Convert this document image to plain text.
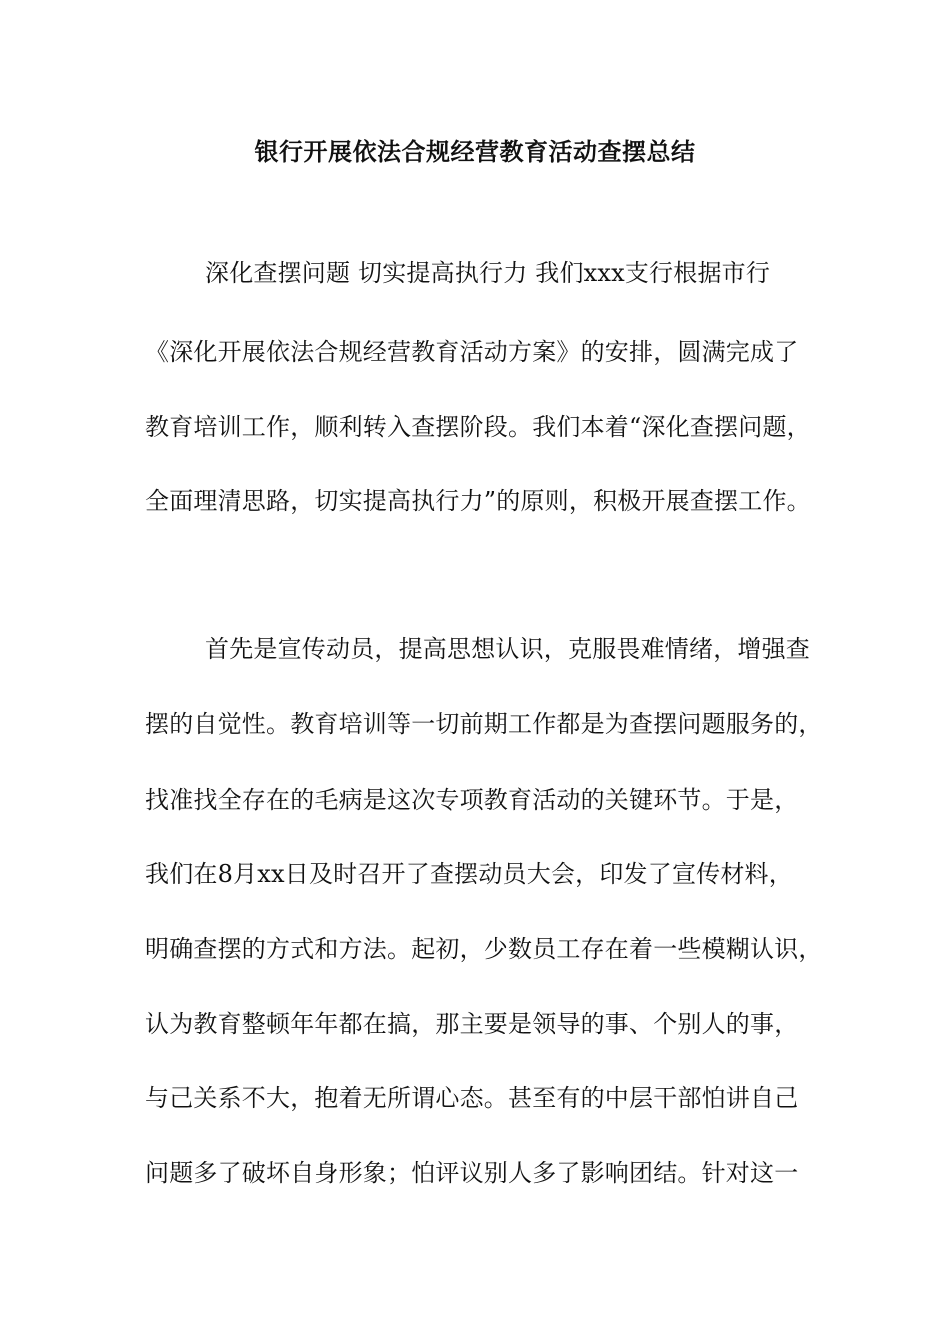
银行开展依法合规经营教育活动查摆总结
深化查摆问题 切实提高执行力 我们xxx支行根据市行
《深化开展依法合规经营教育活动方案》的安排，圆满完成了
教育培训工作，顺利转入查摆阶段。我们本着“深化查摆问题，
全面理清思路，切实提高执行力”的原则，积极开展查摆工作。
首先是宣传动员，提高思想认识，克服畏难情绪，增强查
摆的自觉性。教育培训等一切前期工作都是为查摆问题服务的，
找准找全存在的毛病是这次专项教育活动的关键环节。于是，
我们在8月xx日及时召开了查摆动员大会，印发了宣传材料，
明确查摆的方式和方法。起初，少数员工存在着一些模糊认识，
认为教育整顿年年都在搞，那主要是领导的事、个别人的事，
与己关系不大，抱着无所谓心态。甚至有的中层干部怕讲自己
问题多了破坏自身形象；怕评议别人多了影响团结。针对这一
